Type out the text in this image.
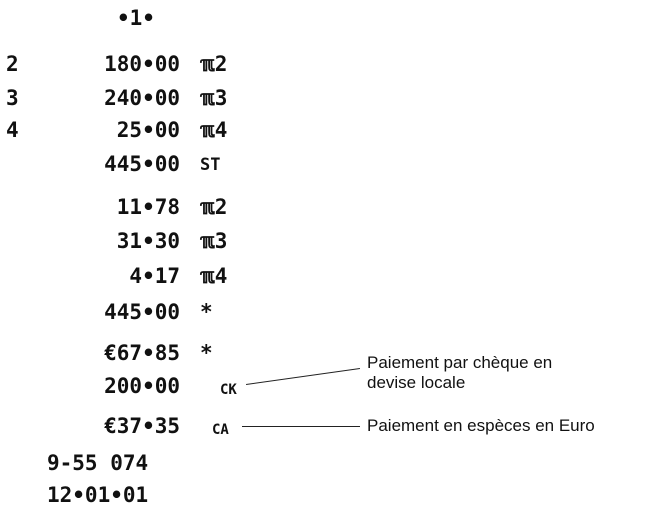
•1•
2	180•00 ℼ2
3	240•00 ℼ3
4	25•00 ℼ4
445•00 ST
11•78 ℼ2
31•30 ℼ3
4•17 ℼ4
445•00 *
€67•85 *
200•00	CK
€37•35 CA
9-55 074
12•01•01
Paiement par chèque en devise locale
Paiement en espèces en Euro
